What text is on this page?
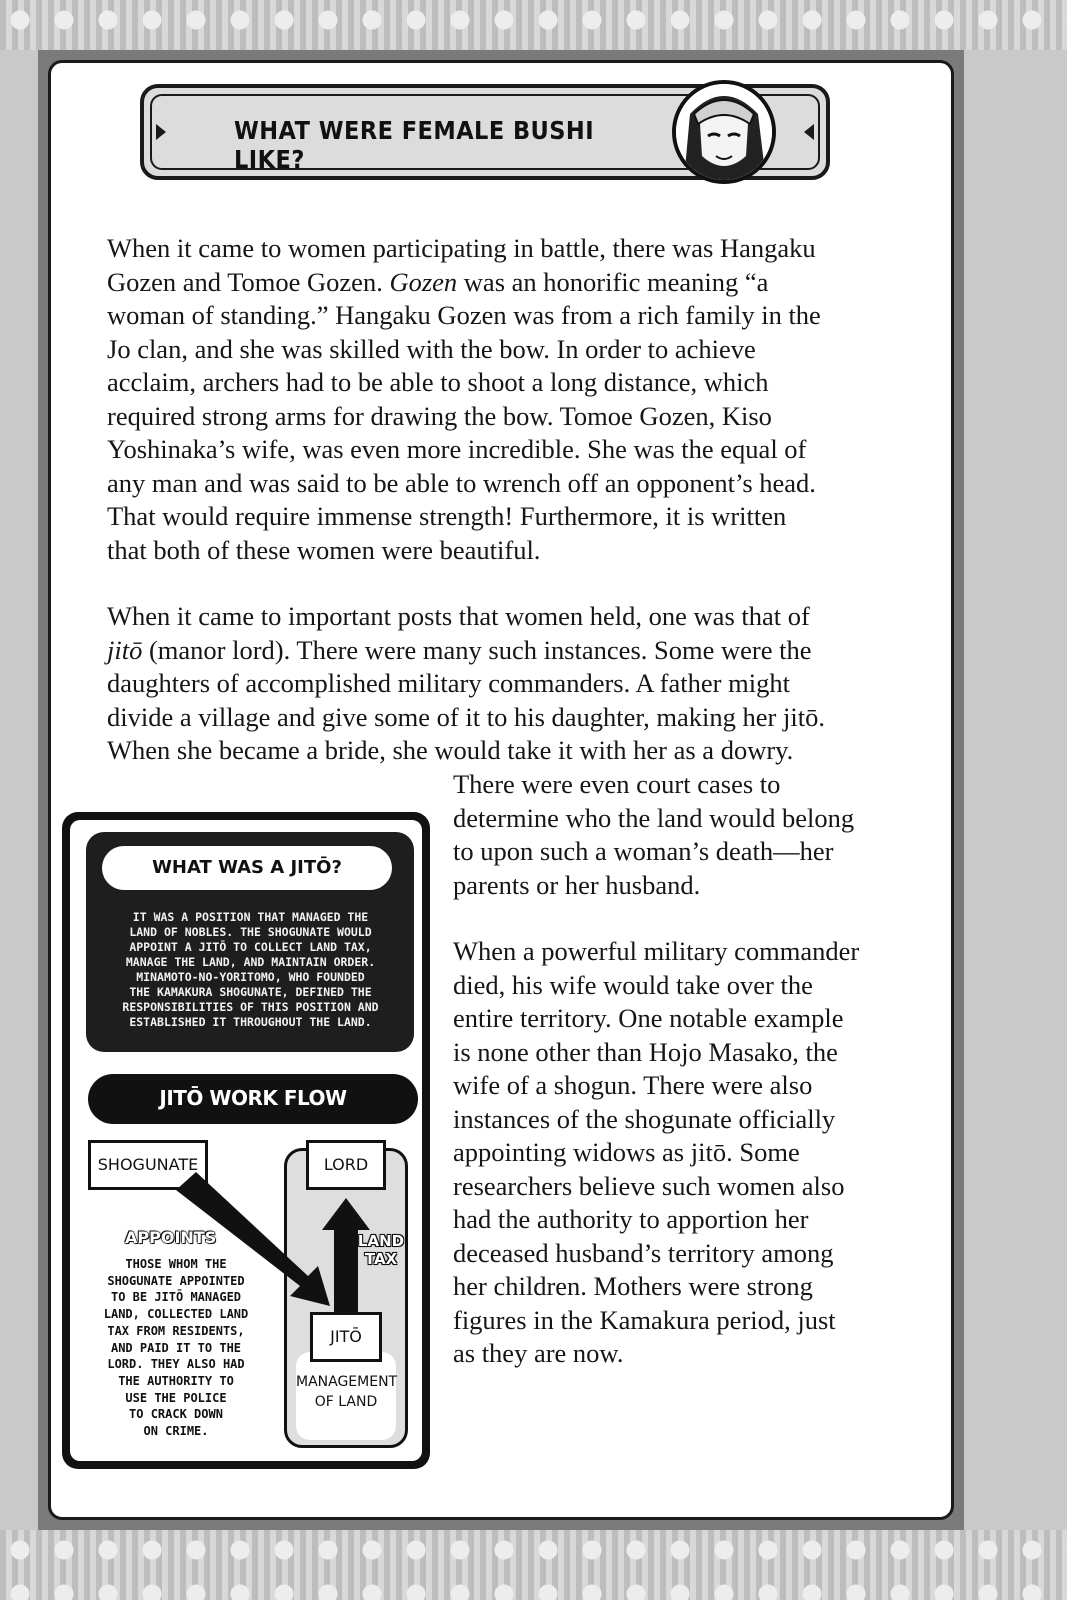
WHAT WERE FEMALE BUSHI LIKE?
When it came to women participating in battle, there was Hangaku
Gozen and Tomoe Gozen. Gozen was an honorific meaning “a
woman of standing.” Hangaku Gozen was from a rich family in the
Jo clan, and she was skilled with the bow. In order to achieve
acclaim, archers had to be able to shoot a long distance, which
required strong arms for drawing the bow. Tomoe Gozen, Kiso
Yoshinaka’s wife, was even more incredible. She was the equal of
any man and was said to be able to wrench off an opponent’s head.
That would require immense strength! Furthermore, it is written
that both of these women were beautiful.
When it came to important posts that women held, one was that of
jitō (manor lord). There were many such instances. Some were the
daughters of accomplished military commanders. A father might
divide a village and give some of it to his daughter, making her jitō.
When she became a bride, she would take it with her as a dowry.
There were even court cases to
determine who the land would belong
to upon such a woman’s death—her
parents or her husband.
When a powerful military commander
died, his wife would take over the
entire territory. One notable example
is none other than Hojo Masako, the
wife of a shogun. There were also
instances of the shogunate officially
appointing widows as jitō. Some
researchers believe such women also
had the authority to apportion her
deceased husband’s territory among
her children. Mothers were strong
figures in the Kamakura period, just
as they are now.
WHAT WAS A JITŌ?
IT WAS A POSITION THAT MANAGED THE
LAND OF NOBLES. THE SHOGUNATE WOULD
APPOINT A JITŌ TO COLLECT LAND TAX,
MANAGE THE LAND, AND MAINTAIN ORDER.
MINAMOTO-NO-YORITOMO, WHO FOUNDED
THE KAMAKURA SHOGUNATE, DEFINED THE
RESPONSIBILITIES OF THIS POSITION AND
ESTABLISHED IT THROUGHOUT THE LAND.
JITŌ WORK FLOW
SHOGUNATE	LORD
JITŌ
MANAGEMENT
OF LAND
APPOINTS	LAND
TAX
THOSE WHOM THE
SHOGUNATE APPOINTED
TO BE JITŌ MANAGED
LAND, COLLECTED LAND
TAX FROM RESIDENTS,
AND PAID IT TO THE
LORD. THEY ALSO HAD
THE AUTHORITY TO
USE THE POLICE
TO CRACK DOWN
ON CRIME.
